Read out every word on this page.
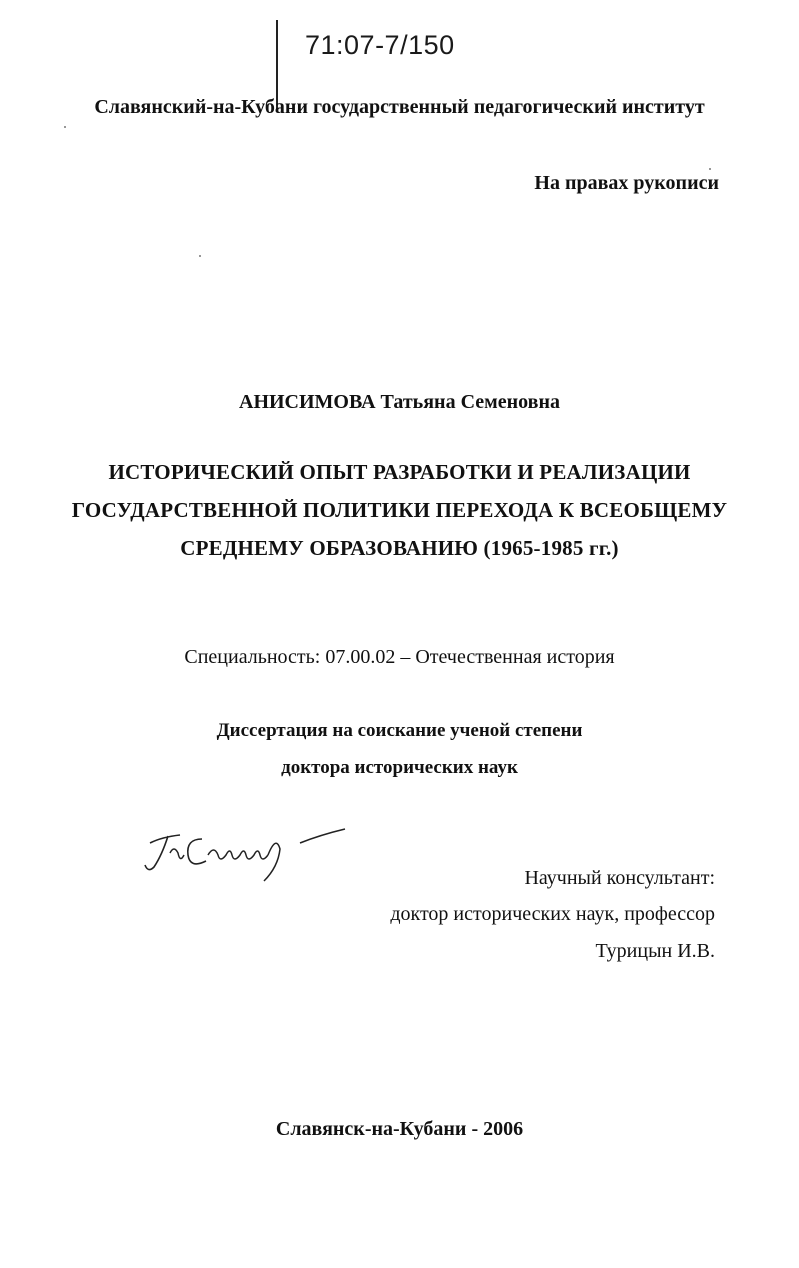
71:07-7/150
Славянский-на-Кубани государственный педагогический институт
На правах рукописи
АНИСИМОВА Татьяна Семеновна
ИСТОРИЧЕСКИЙ ОПЫТ РАЗРАБОТКИ И РЕАЛИЗАЦИИ
ГОСУДАРСТВЕННОЙ ПОЛИТИКИ ПЕРЕХОДА К ВСЕОБЩЕМУ
СРЕДНЕМУ ОБРАЗОВАНИЮ (1965-1985 гг.)
Специальность: 07.00.02 – Отечественная история
Диссертация на соискание ученой степени
доктора исторических наук
Научный консультант:
доктор исторических наук, профессор
Турицын И.В.
Славянск-на-Кубани - 2006
